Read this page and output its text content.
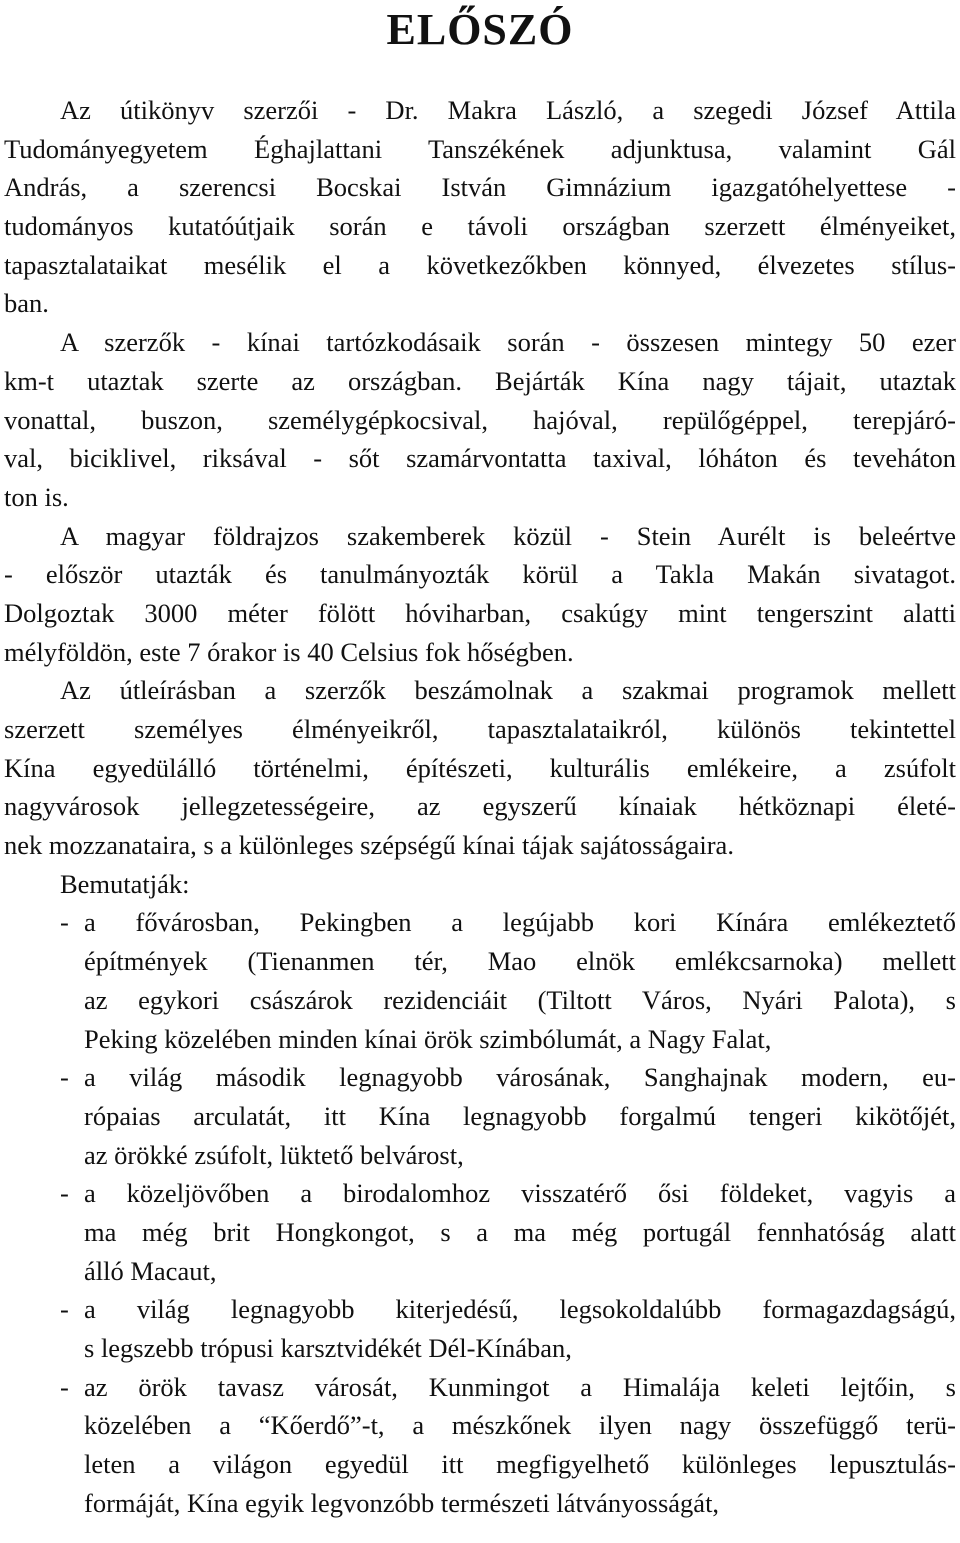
ELŐSZÓ
Az útikönyv szerzői - Dr. Makra László, a szegedi József Attila
Tudományegyetem Éghajlattani Tanszékének adjunktusa, valamint Gál
András, a szerencsi Bocskai István Gimnázium igazgatóhelyettese -
tudományos kutatóútjaik során e távoli országban szerzett élményeiket,
tapasztalataikat mesélik el a következőkben könnyed, élvezetes stílus-
ban.
A szerzők - kínai tartózkodásaik során - összesen mintegy 50 ezer
km-t utaztak szerte az országban. Bejárták Kína nagy tájait, utaztak
vonattal, buszon, személygépkocsival, hajóval, repülőgéppel, terepjáró-
val, biciklivel, riksával - sőt szamárvontatta taxival, lóháton és teveháton
ton is.
A magyar földrajzos szakemberek közül - Stein Aurélt is beleértve
- először utazták és tanulmányozták körül a Takla Makán sivatagot.
Dolgoztak 3000 méter fölött hóviharban, csakúgy mint tengerszint alatti
mélyföldön, este 7 órakor is 40 Celsius fok hőségben.
Az útleírásban a szerzők beszámolnak a szakmai programok mellett
szerzett személyes élményeikről, tapasztalataikról, különös tekintettel
Kína egyedülálló történelmi, építészeti, kulturális emlékeire, a zsúfolt
nagyvárosok jellegzetességeire, az egyszerű kínaiak hétköznapi életé-
nek mozzanataira, s a különleges szépségű kínai tájak sajátosságaira.
Bemutatják:
- a fővárosban, Pekingben a legújabb kori Kínára emlékeztető
építmények (Tienanmen tér, Mao elnök emlékcsarnoka) mellett
az egykori császárok rezidenciáit (Tiltott Város, Nyári Palota), s
Peking közelében minden kínai örök szimbólumát, a Nagy Falat,
- a világ második legnagyobb városának, Sanghajnak modern, eu-
rópaias arculatát, itt Kína legnagyobb forgalmú tengeri kikötőjét,
az örökké zsúfolt, lüktető belvárost,
- a közeljövőben a birodalomhoz visszatérő ősi földeket, vagyis a
ma még brit Hongkongot, s a ma még portugál fennhatóság alatt
álló Macaut,
- a világ legnagyobb kiterjedésű, legsokoldalúbb formagazdagságú,
s legszebb trópusi karsztvidékét Dél-Kínában,
- az örök tavasz városát, Kunmingot a Himalája keleti lejtőin, s
közelében a “Kőerdő”-t, a mészkőnek ilyen nagy összefüggő terü-
leten a világon egyedül itt megfigyelhető különleges lepusztulás-
formáját, Kína egyik legvonzóbb természeti látványosságát,
